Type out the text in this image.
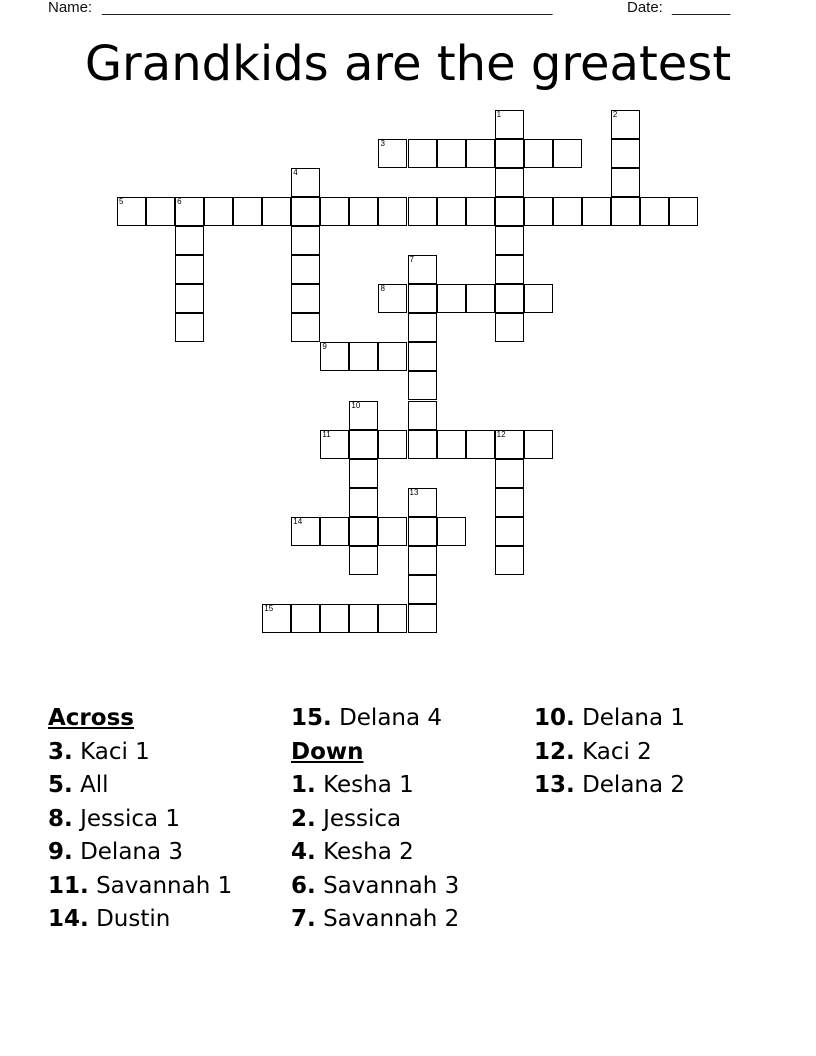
Name: ______________________________________________________	Date: _______
Grandkids are the greatest
1	2
3
4
5	6
7
8
9
10
11	12
13
14
15
Across
3. Kaci 1
5. All
8. Jessica 1
9. Delana 3
11. Savannah 1
14. Dustin
15. Delana 4
Down
1. Kesha 1
2. Jessica
4. Kesha 2
6. Savannah 3
7. Savannah 2
10. Delana 1
12. Kaci 2
13. Delana 2
